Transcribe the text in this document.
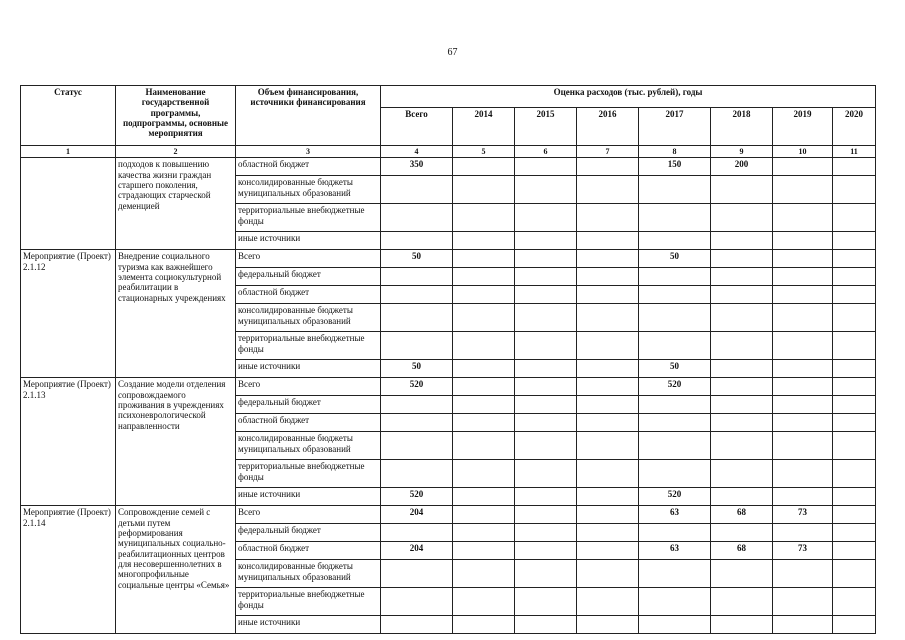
67
Статус	Наименование государственной программы, подпрограммы, основные мероприятия	Объем финансирования, источники финансирования	Оценка расходов (тыс. рублей), годы							
			Всего	2014	2015	2016	2017	2018	2019	2020
1	2	3	4	5	6	7	8	9	10	11
	подходов к повышению качества жизни граждан старшего поколения, страдающих старческой деменцией	областной бюджет	350				150	200		
		консолидированные бюджеты муниципальных образований								
		территориальные внебюджетные фонды								
		иные источники								
Мероприятие (Проект) 2.1.12	Внедрение социального туризма как важнейшего элемента социокультурной реабилитации в стационарных учреждениях	Всего	50				50			
		федеральный бюджет								
		областной бюджет								
		консолидированные бюджеты муниципальных образований								
		территориальные внебюджетные фонды								
		иные источники	50				50			
Мероприятие (Проект) 2.1.13	Создание модели отделения сопровождаемого проживания в учреждениях психоневрологической направленности	Всего	520				520			
		федеральный бюджет								
		областной бюджет								
		консолидированные бюджеты муниципальных образований								
		территориальные внебюджетные фонды								
		иные источники	520				520			
Мероприятие (Проект) 2.1.14	Сопровождение семей с детьми путем реформирования муниципальных социально- реабилитационных центров для несовершеннолетних в многопрофильные социальные центры «Семья»	Всего	204				63	68	73	
		федеральный бюджет								
		областной бюджет	204				63	68	73	
		консолидированные бюджеты муниципальных образований								
		территориальные внебюджетные фонды								
		иные источники								
